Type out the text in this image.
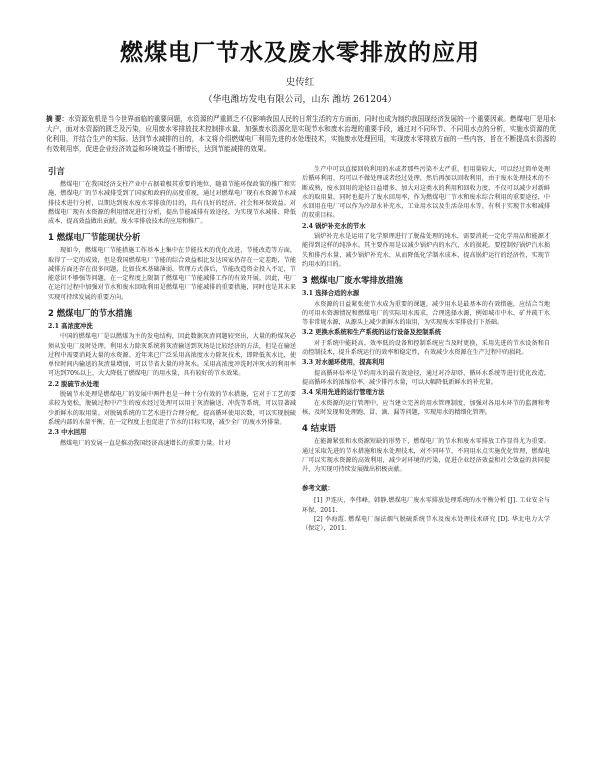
燃煤电厂节水及废水零排放的应用
史传红
（华电潍坊发电有限公司，山东 潍坊 261204）
摘 要：水资源危机是当今世界面临的重要问题，水资源的严重匮乏不仅影响我国人民的日常生活的方方面面，同时也成为制约我国现经济发展的一个重要因素。燃煤电厂是用水大户，面对水资源的匮乏及污染，应用废水零排放技术控制排水量、加强废水资源化是实现节水和废水治理的重要手段，通过对不同环节、不同用水点的分析，实施水资源的优化利用，并结合生产的实际。达到节水减排的目的，本文将介绍燃煤电厂利用先进的水处理技术，实施废水处理回用，实现废水零排放方面的一些内容，旨在不断提高水资源的有效利用率，促进企业经济效益和环境效益不断增长，达到节能减排的效果。
引言

燃煤电厂在我国经济支柱产业中占据着极其重要的地位，随着节能环保政策的推广和实施，燃煤电厂的节水减排受到了国家和政府的高度重视，通过对燃煤电厂现有水资源节水减排技术进行分析，以期达到废水废水零排放的目的，具有良好的经济、社会和环保效益。对燃煤电厂现有水资源的利用情况进行分析，提出节能减排有效途径，为实现节水减排、降低成本、提高效益做出贡献。废水零排放技术的应用和推广。

1 燃煤电厂节能现状分析

现如今，燃煤电厂节能措施工作基本上集中在节能技术的优化改进、节能改造等方面，取得了一定的成效，但是我国燃煤电厂节能的综合效益相比发达国家仍存在一定差距，节能减排方面还存在很多问题，比如技术基础薄弱，管理方式落后，节能改造资金投入不足，节能意识不够强等问题，在一定程度上限制了燃煤电厂节能减排工作的有效开展。因此，电厂在运行过程中加强对节水和废水回收利用是燃煤电厂节能减排的重要措施，同时也是其未来实现可持续发展的重要方向。

2 燃煤电厂的节水措施
2.1 高浓度冲洗

中国的燃煤电厂是以燃煤为主的发电结构，因此数据灰渣问题较突出，大量的粉煤灰必须从发电厂及时处理，利用水力除灰系统将灰渣输送到灰场是比较经济的方法，但是在输送过程中需要消耗大量的水资源。近年来已广泛采用高浓度水力除灰技术，即降低灰水比，使单位时间内输送的灰渣量增加，可以节省大量的冲灰水。采用高浓度冲洗时冲灰水的利用率可达到70%以上，大大降低了燃煤电厂的用水量，具有较好的节水效果。

2.2 脱硫节水处理

脱硫节水处理是燃煤电厂的发展中两件也是一种十分有效的节水措施，它对于工艺的要求较为宽松，脱硫过程中产生的废水经过处理可以用于灰渣输送、冲洗等系统，可以显著减少新鲜水的取用量。对脱硫系统的工艺水进行合理分配，提高循环使用次数，可以实现脱硫系统内部的水量平衡，在一定程度上也促进了节水的目标实现，减少全厂的废水外排量。

2.3 中水回用

燃煤电厂的发展一直是推动我国经济高速增长的重要力量。针对

生产中可以直接回收利用的水或者那些污染不太严重、但用量较大，可以经过简单处理后循环利用，均可以不做处理或者经过处理，然后再加以回收利用，由于废水处理技术的不断成熟，废水回用的途径日益增多。加大对这类水的利用和回收力度，不仅可以减少对新鲜水的取用量，同时也提升了废水回用率，作为燃煤电厂节水和废水综合利用的重要途径，中水回用在电厂可以作为冷却水补充水、工业用水以及生活杂用水等，有利于实现节水和减排的双重目标。

2.4 锅炉补充水的节水

锅炉补充水是运用了化学原理进行了脱盐处理的纯水，需要消耗一定化学用品和能源才能得到这样的纯净水。其主要作用是以减少锅炉内的水汽、水的损耗。要控制好锅炉汽水损失和排污水量，减少锅炉补充水，从而降低化学制水成本，提高锅炉运行的经济性，实现节约用水的目的。

3 燃煤电厂废水零排放措施
3.1 选择合适的水源

水资源的日益紧张使节水成为重要的课题，减少用水是最基本的有效措施，应结合当地的可用水资源情况和燃煤电厂的实际用水需求，合理选择水源，例如城市中水、矿井疏干水等非常规水源，从源头上减少新鲜水的取用，为实现废水零排放打下基础。

3.2 更换水系统和生产系统的运行设备及控制系统

对于系统中能耗高、效率低的设备和控制系统应当及时更换，采用先进的节水设备和自动控制技术，提升系统运行的效率和稳定性，有效减少水资源在生产过程中的损耗。

3.3 对水循环使用，提高利用

提高循环倍率是节约用水的最有效途径，通过对冷却塔、循环水系统等进行优化改造，提高循环水的浓缩倍率，减少排污水量，可以大幅降低新鲜水的补充量。

3.4 采用先进的运行管理方法

在水资源的运行管理中，应当建立完善的用水管理制度，加强对各用水环节的监测和考核，及时发现和处理跑、冒、滴、漏等问题，实现用水的精细化管理。

4 结束语

在能源紧张和水资源短缺的形势下，燃煤电厂的节水和废水零排放工作显得尤为重要。通过采取先进的节水措施和废水处理技术，对不同环节、不同用水点实施优化管理，燃煤电厂可以实现水资源的高效利用，减少对环境的污染，促进企业经济效益和社会效益的共同提升，为实现可持续发展做出积极贡献。

参考文献：

[1] 尹连庆，李伟峰，韩静.燃煤电厂废水零排放处理系统的水平衡分析 [J]. 工业安全与环保，2011.

[2] 李海霞. 燃煤电厂湿法烟气脱硫系统节水及废水处理技术研究 [D]. 华北电力大学（保定），2011.
